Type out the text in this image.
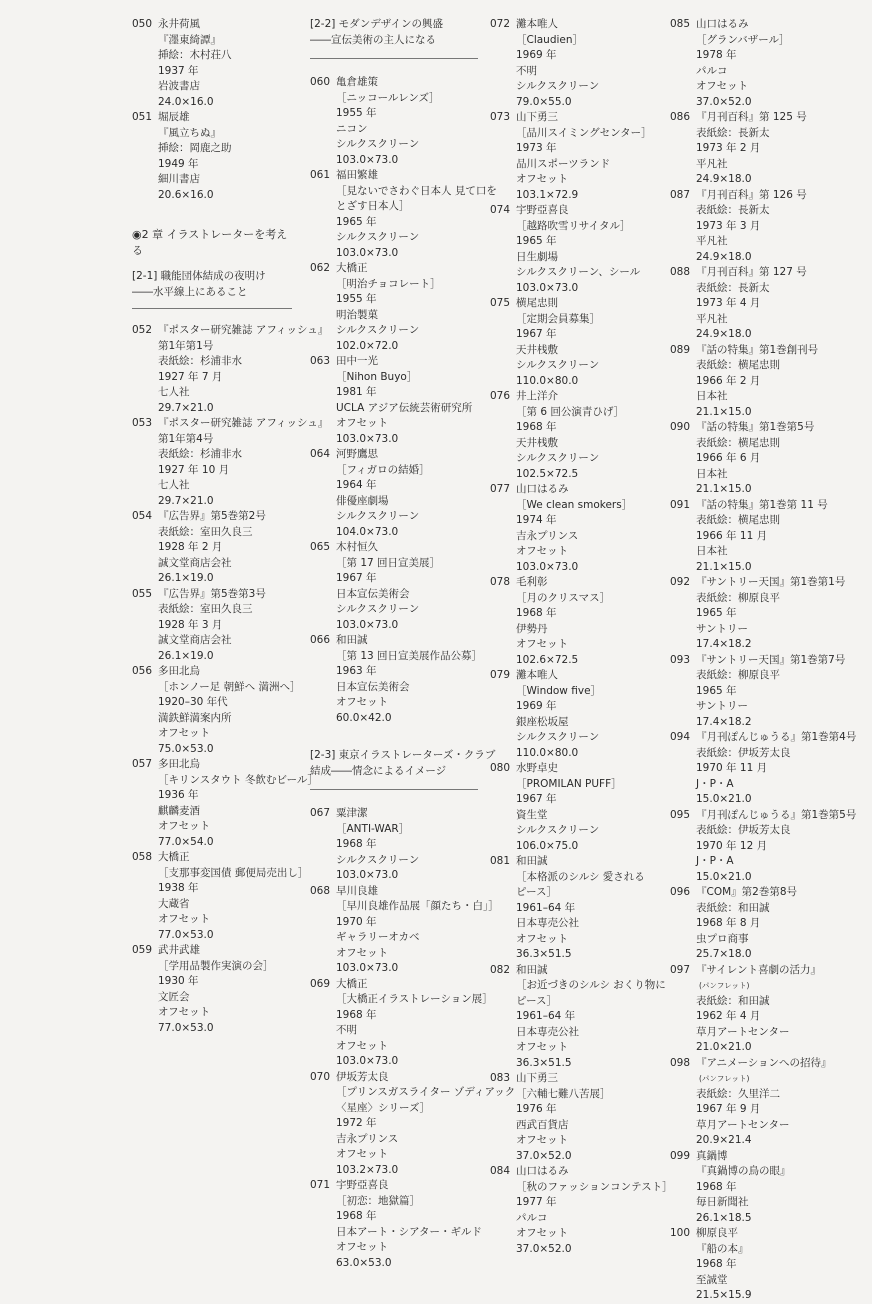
050 永井荷風
『濹東綺譚』
挿絵：木村荘八
1937 年
岩波書店
24.0×16.0
051 堀辰雄
『風立ちぬ』
挿絵：岡鹿之助
1949 年
細川書店
20.6×16.0
◉2 章 イラストレーターを考える
[2-1] 職能団体結成の夜明け
――水平線上にあること
052 『ポスター研究雑誌 アフィッシュ』
第1年第1号
表紙絵：杉浦非水
1927 年 7 月
七人社
29.7×21.0
053 『ポスター研究雑誌 アフィッシュ』
第1年第4号
表紙絵：杉浦非水
1927 年 10 月
七人社
29.7×21.0
054 『広告界』第5巻第2号
表紙絵：室田久良三
1928 年 2 月
誠文堂商店会社
26.1×19.0
055 『広告界』第5巻第3号
表紙絵：室田久良三
1928 年 3 月
誠文堂商店会社
26.1×19.0
056 多田北烏
［ホンノー足 朝鮮へ 満洲へ］
1920–30 年代
満鉄鮮満案内所
オフセット
75.0×53.0
057 多田北烏
［キリンスタウト 冬飲むビール］
1936 年
麒麟麦酒
オフセット
77.0×54.0
058 大橋正
［支那事変国債 郵便局売出し］
1938 年
大蔵省
オフセット
77.0×53.0
059 武井武雄
［学用品製作実演の会］
1930 年
文匠会
オフセット
77.0×53.0
[2-2] モダンデザインの興盛
――宣伝美術の主人になる
060 亀倉雄策
［ニッコールレンズ］
1955 年
ニコン
シルクスクリーン
103.0×73.0
061 福田繁雄
［見ないでさわぐ日本人 見て口を
とざす日本人］
1965 年
シルクスクリーン
103.0×73.0
062 大橋正
［明治チョコレート］
1955 年
明治製菓
シルクスクリーン
102.0×72.0
063 田中一光
［Nihon Buyo］
1981 年
UCLA アジア伝統芸術研究所
オフセット
103.0×73.0
064 河野鷹思
［フィガロの結婚］
1964 年
俳優座劇場
シルクスクリーン
104.0×73.0
065 木村恒久
［第 17 回日宣美展］
1967 年
日本宣伝美術会
シルクスクリーン
103.0×73.0
066 和田誠
［第 13 回日宣美展作品公募］
1963 年
日本宣伝美術会
オフセット
60.0×42.0
[2-3] 東京イラストレーターズ・クラブ
結成――情念によるイメージ
067 粟津潔
［ANTI-WAR］
1968 年
シルクスクリーン
103.0×73.0
068 早川良雄
［早川良雄作品展「顔たち・白」］
1970 年
ギャラリーオカベ
オフセット
103.0×73.0
069 大橋正
［大橋正イラストレーション展］
1968 年
不明
オフセット
103.0×73.0
070 伊坂芳太良
［プリンスガスライター ゾディアック
〈星座〉シリーズ］
1972 年
吉永プリンス
オフセット
103.2×73.0
071 宇野亞喜良
［初恋：地獄篇］
1968 年
日本アート・シアター・ギルド
オフセット
63.0×53.0
072 灘本唯人
［Claudien］
1969 年
不明
シルクスクリーン
79.0×55.0
073 山下勇三
［品川スイミングセンター］
1973 年
品川スポーツランド
オフセット
103.1×72.9
074 宇野亞喜良
［越路吹雪リサイタル］
1965 年
日生劇場
シルクスクリーン、シール
103.0×73.0
075 横尾忠則
［定期会員募集］
1967 年
天井桟敷
シルクスクリーン
110.0×80.0
076 井上洋介
［第 6 回公演青ひげ］
1968 年
天井桟敷
シルクスクリーン
102.5×72.5
077 山口はるみ
［We clean smokers］
1974 年
吉永プリンス
オフセット
103.0×73.0
078 毛利彰
［月のクリスマス］
1968 年
伊勢丹
オフセット
102.6×72.5
079 灘本唯人
［Window five］
1969 年
銀座松坂屋
シルクスクリーン
110.0×80.0
080 水野卓史
［PROMILAN PUFF］
1967 年
資生堂
シルクスクリーン
106.0×75.0
081 和田誠
［本格派のシルシ 愛される
ピース］
1961–64 年
日本専売公社
オフセット
36.3×51.5
082 和田誠
［お近づきのシルシ おくり物に
ピース］
1961–64 年
日本専売公社
オフセット
36.3×51.5
083 山下勇三
［六輔七難八苦展］
1976 年
西武百貨店
オフセット
37.0×52.0
084 山口はるみ
［秋のファッションコンテスト］
1977 年
パルコ
オフセット
37.0×52.0
085 山口はるみ
［グランバザール］
1978 年
パルコ
オフセット
37.0×52.0
086 『月刊百科』第 125 号
表紙絵：長新太
1973 年 2 月
平凡社
24.9×18.0
087 『月刊百科』第 126 号
表紙絵：長新太
1973 年 3 月
平凡社
24.9×18.0
088 『月刊百科』第 127 号
表紙絵：長新太
1973 年 4 月
平凡社
24.9×18.0
089 『話の特集』第1巻創刊号
表紙絵：横尾忠則
1966 年 2 月
日本社
21.1×15.0
090 『話の特集』第1巻第5号
表紙絵：横尾忠則
1966 年 6 月
日本社
21.1×15.0
091 『話の特集』第1巻第 11 号
表紙絵：横尾忠則
1966 年 11 月
日本社
21.1×15.0
092 『サントリー天国』第1巻第1号
表紙絵：柳原良平
1965 年
サントリー
17.4×18.2
093 『サントリー天国』第1巻第7号
表紙絵：柳原良平
1965 年
サントリー
17.4×18.2
094 『月刊ぽんじゅうる』第1巻第4号
表紙絵：伊坂芳太良
1970 年 11 月
J・P・A
15.0×21.0
095 『月刊ぽんじゅうる』第1巻第5号
表紙絵：伊坂芳太良
1970 年 12 月
J・P・A
15.0×21.0
096 『COM』第2巻第8号
表紙絵：和田誠
1968 年 8 月
虫プロ商事
25.7×18.0
097 『サイレント喜劇の活力』
(パンフレット)
表紙絵：和田誠
1962 年 4 月
草月アートセンター
21.0×21.0
098 『アニメーションへの招待』
(パンフレット)
表紙絵：久里洋二
1967 年 9 月
草月アートセンター
20.9×21.4
099 真鍋博
『真鍋博の鳥の眼』
1968 年
毎日新聞社
26.1×18.5
100 柳原良平
『船の本』
1968 年
至誠堂
21.5×15.9
